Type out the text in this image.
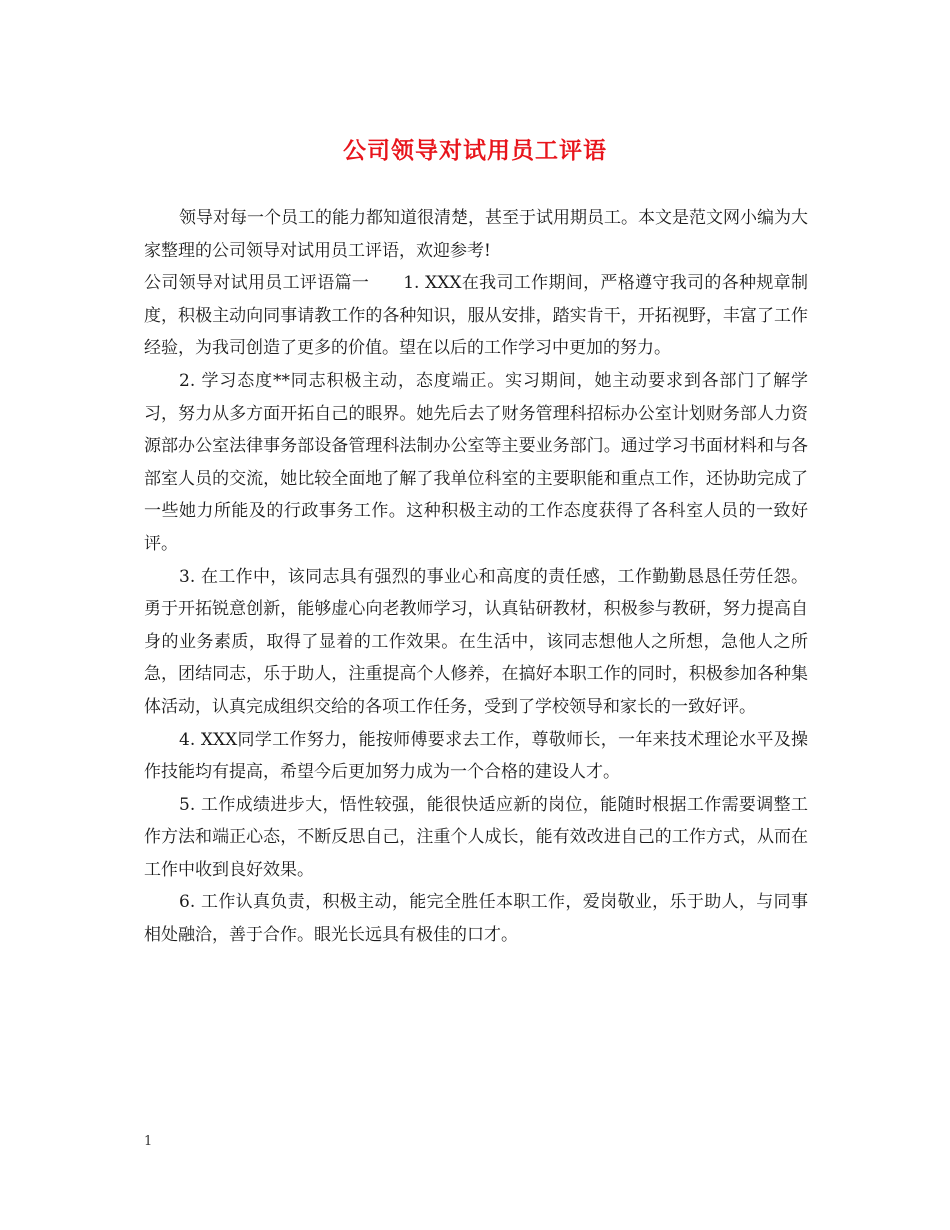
公司领导对试用员工评语

领导对每一个员工的能力都知道很清楚，甚至于试用期员工。本文是范文网小编为大家整理的公司领导对试用员工评语，欢迎参考!

公司领导对试用员工评语篇一 1. XXX在我司工作期间，严格遵守我司的各种规章制度，积极主动向同事请教工作的各种知识，服从安排，踏实肯干，开拓视野，丰富了工作经验，为我司创造了更多的价值。望在以后的工作学习中更加的努力。

2. 学习态度**同志积极主动，态度端正。实习期间，她主动要求到各部门了解学习，努力从多方面开拓自己的眼界。她先后去了财务管理科招标办公室计划财务部人力资源部办公室法律事务部设备管理科法制办公室等主要业务部门。通过学习书面材料和与各部室人员的交流，她比较全面地了解了我单位科室的主要职能和重点工作，还协助完成了一些她力所能及的行政事务工作。这种积极主动的工作态度获得了各科室人员的一致好评。

3. 在工作中，该同志具有强烈的事业心和高度的责任感，工作勤勤恳恳任劳任怨。勇于开拓锐意创新，能够虚心向老教师学习，认真钻研教材，积极参与教研，努力提高自身的业务素质，取得了显着的工作效果。在生活中，该同志想他人之所想，急他人之所急，团结同志，乐于助人，注重提高个人修养，在搞好本职工作的同时，积极参加各种集体活动，认真完成组织交给的各项工作任务，受到了学校领导和家长的一致好评。

4. XXX同学工作努力，能按师傅要求去工作，尊敬师长，一年来技术理论水平及操作技能均有提高，希望今后更加努力成为一个合格的建设人才。

5. 工作成绩进步大，悟性较强，能很快适应新的岗位，能随时根据工作需要调整工作方法和端正心态，不断反思自己，注重个人成长，能有效改进自己的工作方式，从而在工作中收到良好效果。

6. 工作认真负责，积极主动，能完全胜任本职工作，爱岗敬业，乐于助人，与同事相处融洽，善于合作。眼光长远具有极佳的口才。

1
